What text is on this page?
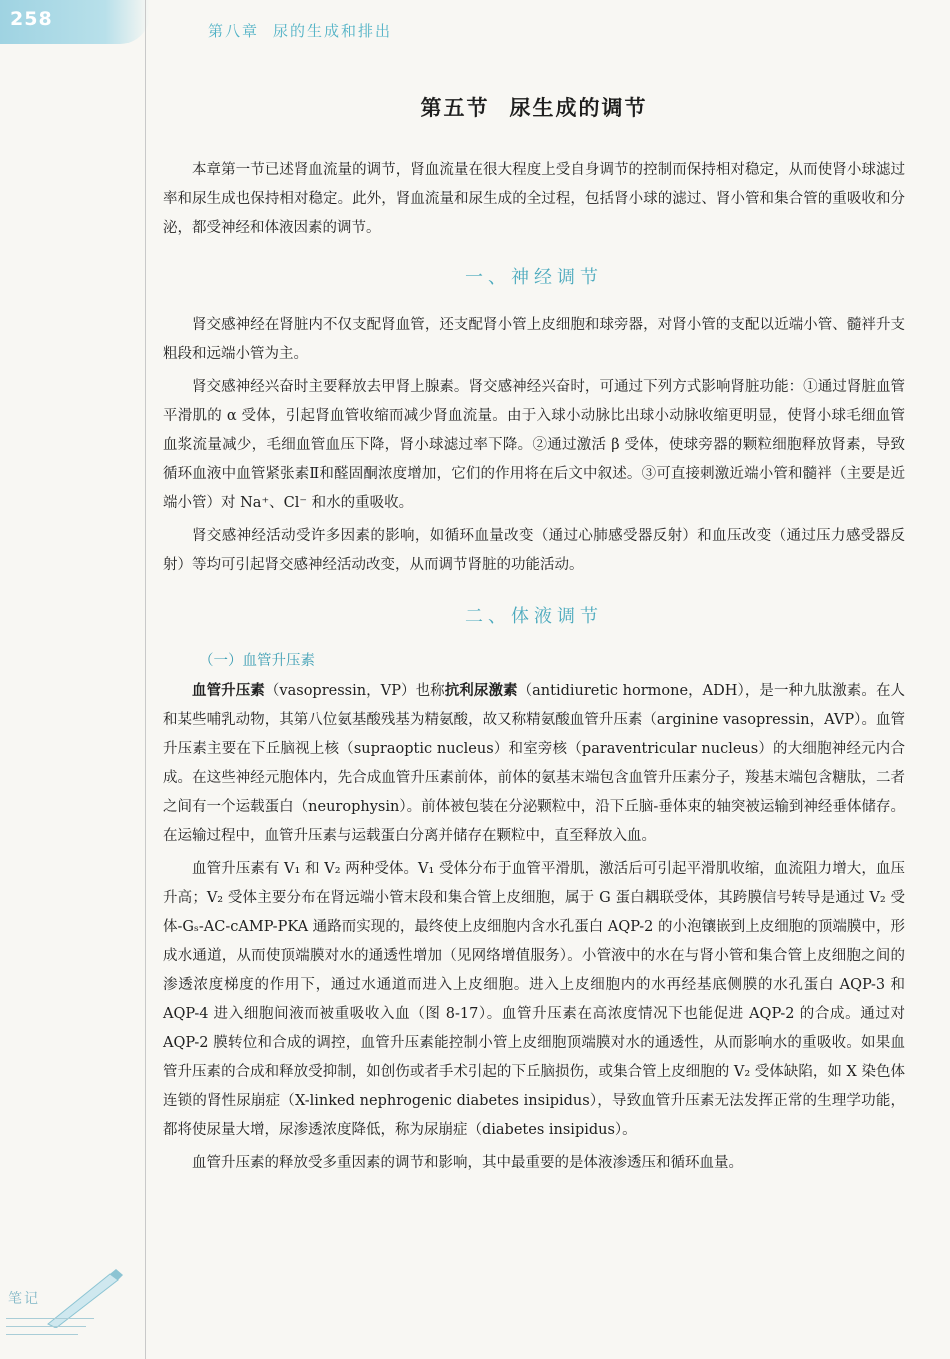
258
第八章 尿的生成和排出
第五节 尿生成的调节

本章第一节已述肾血流量的调节，肾血流量在很大程度上受自身调节的控制而保持相对稳定，从而使肾小球滤过率和尿生成也保持相对稳定。此外，肾血流量和尿生成的全过程，包括肾小球的滤过、肾小管和集合管的重吸收和分泌，都受神经和体液因素的调节。

一、神经调节

肾交感神经在肾脏内不仅支配肾血管，还支配肾小管上皮细胞和球旁器，对肾小管的支配以近端小管、髓袢升支粗段和远端小管为主。

肾交感神经兴奋时主要释放去甲肾上腺素。肾交感神经兴奋时，可通过下列方式影响肾脏功能：①通过肾脏血管平滑肌的 α 受体，引起肾血管收缩而减少肾血流量。由于入球小动脉比出球小动脉收缩更明显，使肾小球毛细血管血浆流量减少，毛细血管血压下降，肾小球滤过率下降。②通过激活 β 受体，使球旁器的颗粒细胞释放肾素，导致循环血液中血管紧张素Ⅱ和醛固酮浓度增加，它们的作用将在后文中叙述。③可直接刺激近端小管和髓袢（主要是近端小管）对 Na⁺、Cl⁻ 和水的重吸收。

肾交感神经活动受许多因素的影响，如循环血量改变（通过心肺感受器反射）和血压改变（通过压力感受器反射）等均可引起肾交感神经活动改变，从而调节肾脏的功能活动。

二、体液调节
（一）血管升压素

血管升压素（vasopressin，VP）也称抗利尿激素（antidiuretic hormone，ADH），是一种九肽激素。在人和某些哺乳动物，其第八位氨基酸残基为精氨酸，故又称精氨酸血管升压素（arginine vasopressin，AVP）。血管升压素主要在下丘脑视上核（supraoptic nucleus）和室旁核（paraventricular nucleus）的大细胞神经元内合成。在这些神经元胞体内，先合成血管升压素前体，前体的氨基末端包含血管升压素分子，羧基末端包含糖肽，二者之间有一个运载蛋白（neurophysin）。前体被包装在分泌颗粒中，沿下丘脑-垂体束的轴突被运输到神经垂体储存。在运输过程中，血管升压素与运载蛋白分离并储存在颗粒中，直至释放入血。

血管升压素有 V₁ 和 V₂ 两种受体。V₁ 受体分布于血管平滑肌，激活后可引起平滑肌收缩，血流阻力增大，血压升高；V₂ 受体主要分布在肾远端小管末段和集合管上皮细胞，属于 G 蛋白耦联受体，其跨膜信号转导是通过 V₂ 受体-Gₛ-AC-cAMP-PKA 通路而实现的，最终使上皮细胞内含水孔蛋白 AQP-2 的小泡镶嵌到上皮细胞的顶端膜中，形成水通道，从而使顶端膜对水的通透性增加（见网络增值服务）。小管液中的水在与肾小管和集合管上皮细胞之间的渗透浓度梯度的作用下，通过水通道而进入上皮细胞。进入上皮细胞内的水再经基底侧膜的水孔蛋白 AQP-3 和 AQP-4 进入细胞间液而被重吸收入血（图 8-17）。血管升压素在高浓度情况下也能促进 AQP-2 的合成。通过对 AQP-2 膜转位和合成的调控，血管升压素能控制小管上皮细胞顶端膜对水的通透性，从而影响水的重吸收。如果血管升压素的合成和释放受抑制，如创伤或者手术引起的下丘脑损伤，或集合管上皮细胞的 V₂ 受体缺陷，如 X 染色体连锁的肾性尿崩症（X-linked nephrogenic diabetes insipidus），导致血管升压素无法发挥正常的生理学功能，都将使尿量大增，尿渗透浓度降低，称为尿崩症（diabetes insipidus）。

血管升压素的释放受多重因素的调节和影响，其中最重要的是体液渗透压和循环血量。

笔记
